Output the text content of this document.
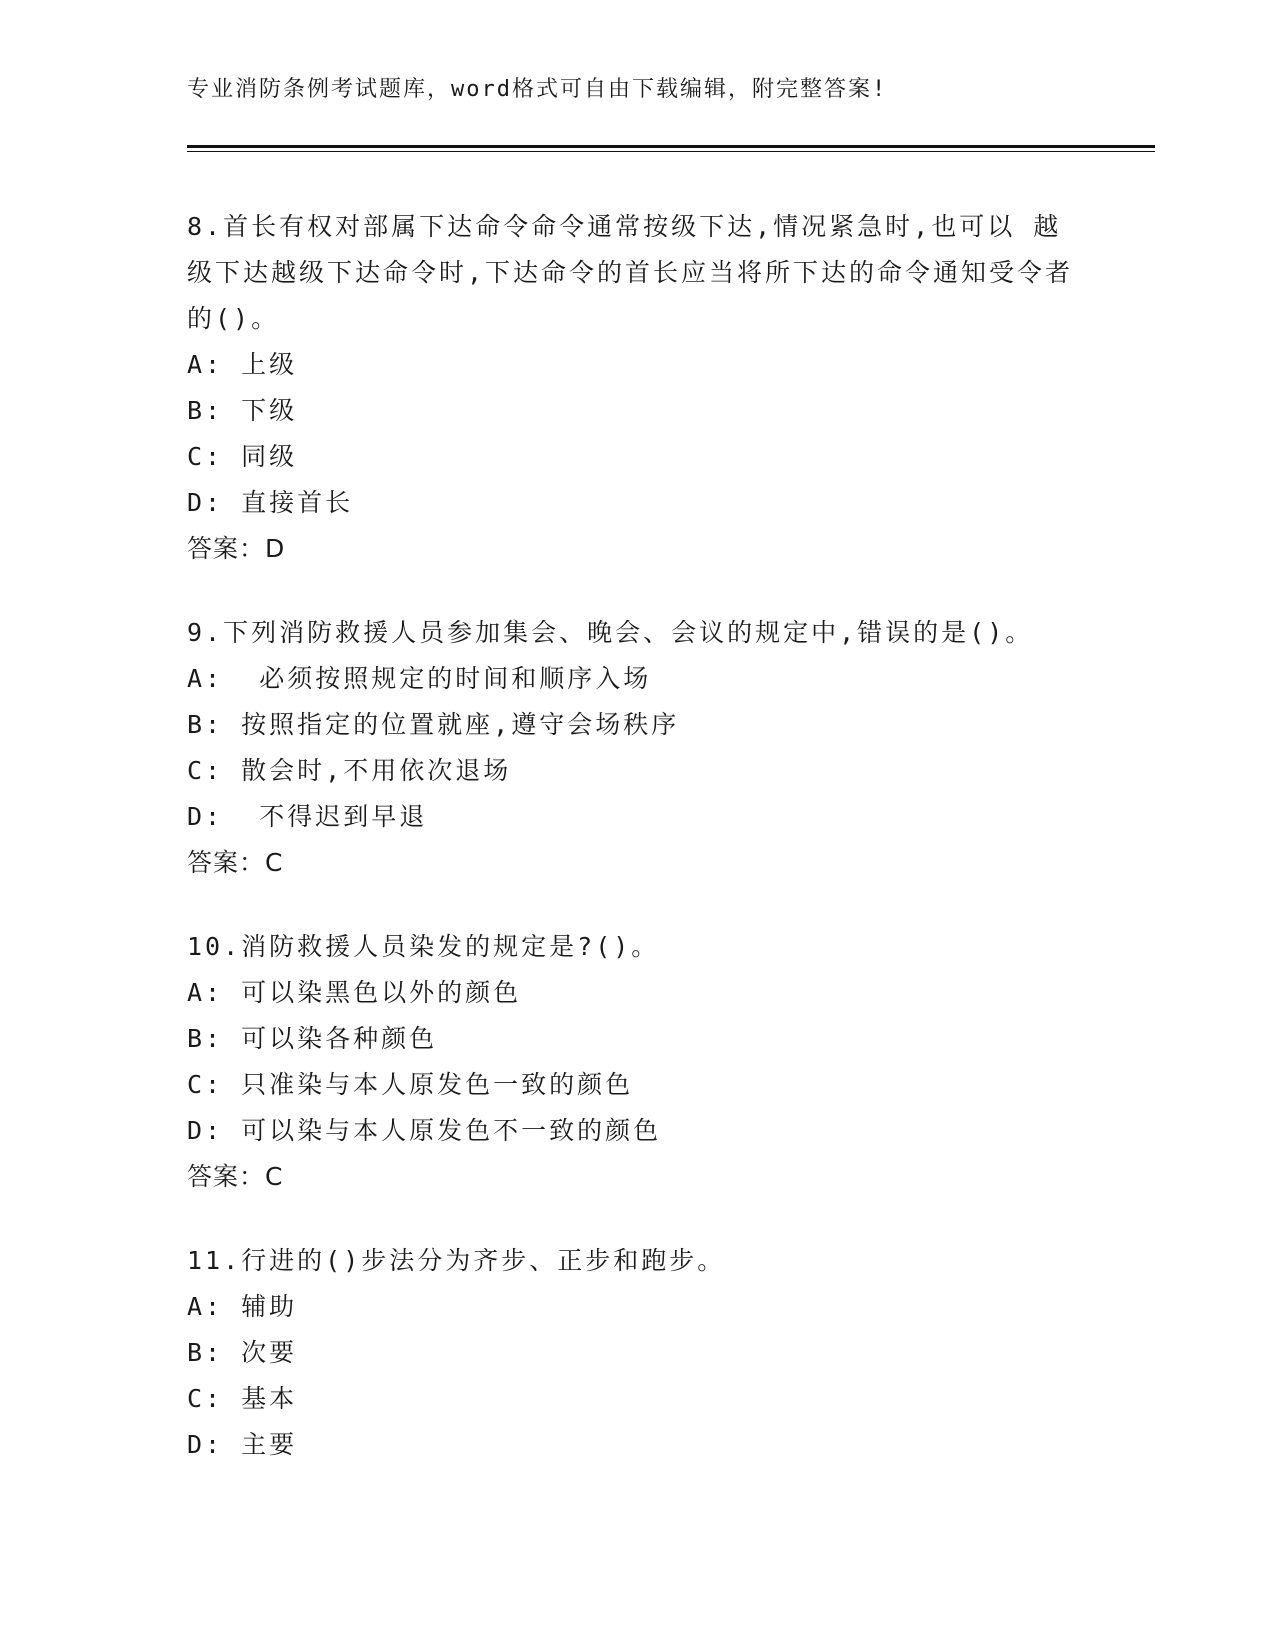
专业消防条例考试题库，word格式可自由下载编辑，附完整答案!
8.首长有权对部属下达命令命令通常按级下达,情况紧急时,也可以 越级下达越级下达命令时,下达命令的首长应当将所下达的命令通知受令者的()。
A: 上级
B: 下级
C: 同级
D: 直接首长
答案：D
9.下列消防救援人员参加集会、晚会、会议的规定中,错误的是()。
A:  必须按照规定的时间和顺序入场
B: 按照指定的位置就座,遵守会场秩序
C: 散会时,不用依次退场
D:  不得迟到早退
答案：C
10.消防救援人员染发的规定是?()。
A: 可以染黑色以外的颜色
B: 可以染各种颜色
C: 只准染与本人原发色一致的颜色
D: 可以染与本人原发色不一致的颜色
答案：C
11.行进的()步法分为齐步、正步和跑步。
A: 辅助
B: 次要
C: 基本
D: 主要
